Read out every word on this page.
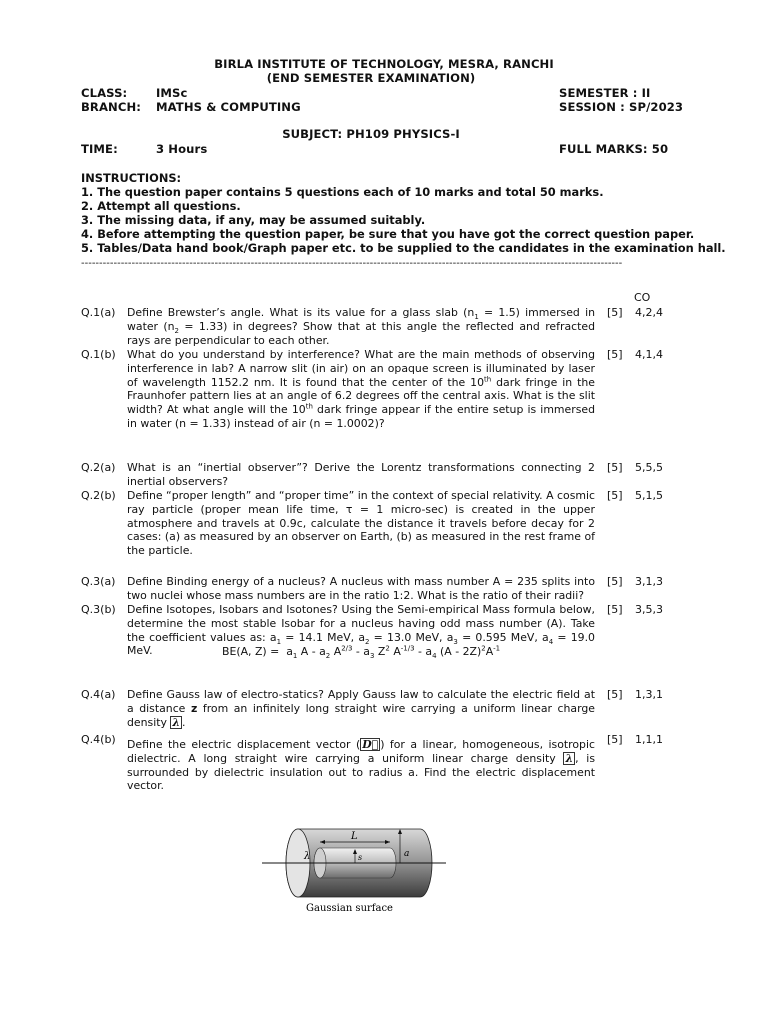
BIRLA INSTITUTE OF TECHNOLOGY, MESRA, RANCHI
(END SEMESTER EXAMINATION)
CLASS: IMSc	SEMESTER : II
BRANCH: MATHS & COMPUTING	SESSION : SP/2023
SUBJECT: PH109 PHYSICS-I
TIME:	3 Hours	FULL MARKS: 50
INSTRUCTIONS:
1. The question paper contains 5 questions each of 10 marks and total 50 marks.
2. Attempt all questions.
3. The missing data, if any, may be assumed suitably.
4. Before attempting the question paper, be sure that you have got the correct question paper.
5. Tables/Data hand book/Graph paper etc. to be supplied to the candidates in the examination hall.
------------------------------------------------------------------------------------------------------------------------------------------------------
CO
Q.1(a) Define Brewster’s angle. What is its value for a glass slab $(n_1 = 1.5)$ immersed in water $(n_2 = 1.33)$ in degrees? Show that at this angle the reflected and refracted rays are perpendicular to each other.
[5] 4,2,4
Q.1(b) What do you understand by interference? What are the main methods of observing interference in lab? A narrow slit (in air) on an opaque screen is illuminated by laser of wavelength 1152.2 nm. It is found that the center of the 10th dark fringe in the Fraunhofer pattern lies at an angle of 6.2 degrees off the central axis. What is the slit width? At what angle will the 10th dark fringe appear if the entire setup is immersed in water (n = 1.33) instead of air (n = 1.0002)?
[5] 4,1,4
Q.2(a) What is an “inertial observer”? Derive the Lorentz transformations connecting 2 inertial observers?
[5] 5,5,5
Q.2(b) Define “proper length” and “proper time” in the context of special relativity. A cosmic ray particle (proper mean life time, τ = 1 micro-sec) is created in the upper atmosphere and travels at 0.9c, calculate the distance it travels before decay for 2 cases: (a) as measured by an observer on Earth, (b) as measured in the rest frame of the particle.
[5] 5,1,5
Q.3(a) Define Binding energy of a nucleus? A nucleus with mass number A = 235 splits into two nuclei whose mass numbers are in the ratio 1:2. What is the ratio of their radii?
[5] 3,1,3
Q.3(b) Define Isotopes, Isobars and Isotones? Using the Semi-empirical Mass formula below, determine the most stable Isobar for a nucleus having odd mass number (A). Take the coefficient values as: $a_1 = 14.1$ MeV, $a_2 = 13.0$ MeV, $a_3 = 0.595$ MeV, $a_4 = 19.0$ MeV.	BE(A, $Z) = a_1$ A - $a_2$ $A^{2/3} - a_3$ $Z^2$ $A^{-1/3} - a_4$ $(A - 2Z)^2A^{-1}$
[5] 3,5,3
Q.4(a) Define Gauss law of electro-statics? Apply Gauss law to calculate the electric field at a distance z from an infinitely long straight wire carrying a uniform linear charge density λ .
[5] 1,3,1
Q.4(b) Define the electric displacement vector ( D⃗ ) for a linear, homogeneous, isotropic dielectric. A long straight wire carrying a uniform linear charge density λ , is surrounded by dielectric insulation out to radius a. Find the electric displacement vector.
[5] 1,1,1
L
λ	s	a
Gaussian surface
